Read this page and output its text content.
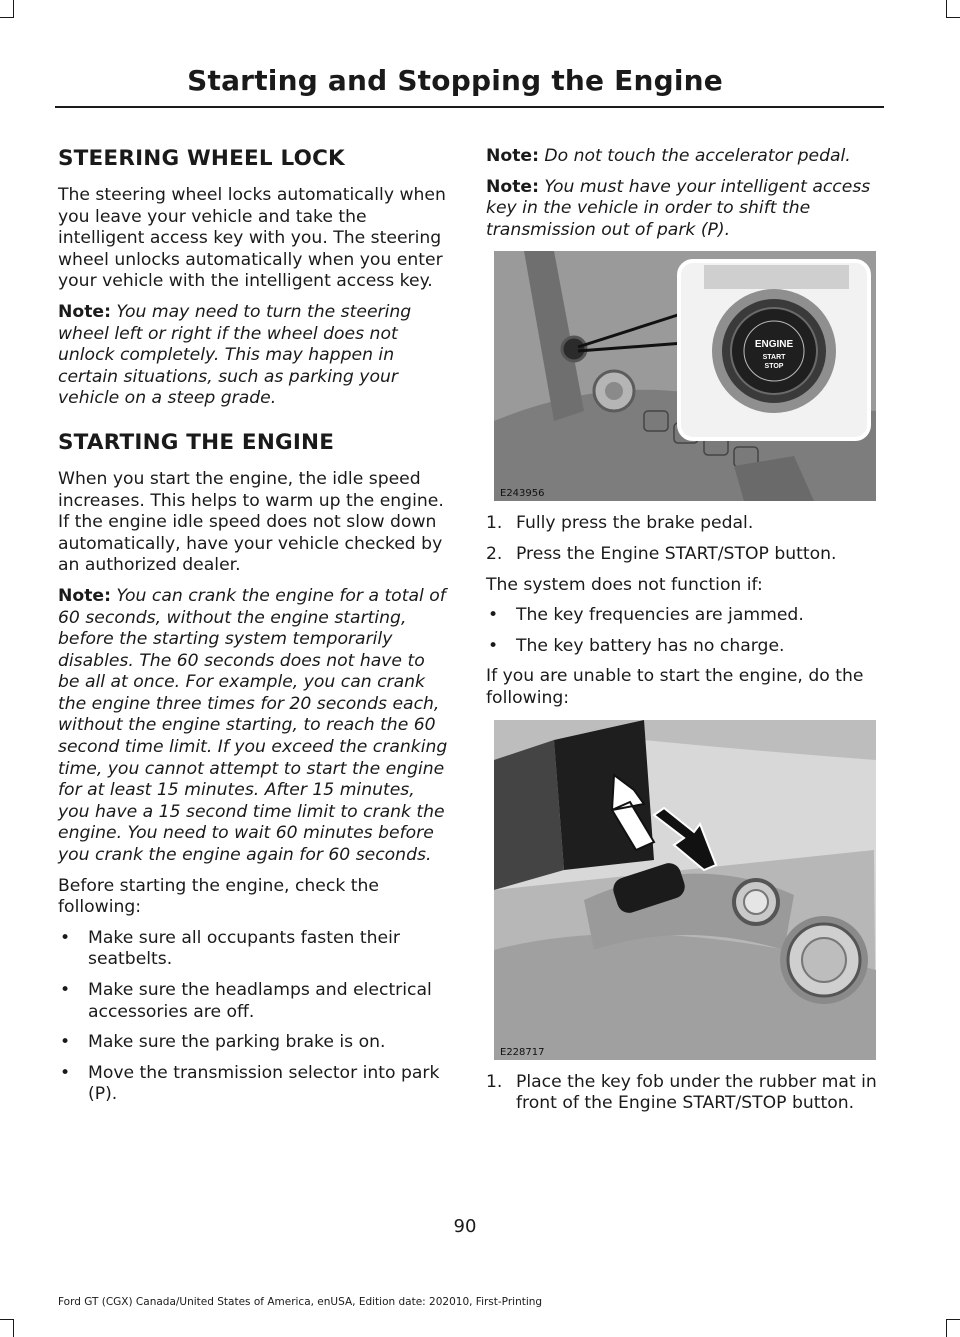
Starting and Stopping the Engine
STEERING WHEEL LOCK

The steering wheel locks automatically when you leave your vehicle and take the intelligent access key with you. The steering wheel unlocks automatically when you enter your vehicle with the intelligent access key.

Note: You may need to turn the steering wheel left or right if the wheel does not unlock completely. This may happen in certain situations, such as parking your vehicle on a steep grade.

STARTING THE ENGINE

When you start the engine, the idle speed increases. This helps to warm up the engine. If the engine idle speed does not slow down automatically, have your vehicle checked by an authorized dealer.

Note: You can crank the engine for a total of 60 seconds, without the engine starting, before the starting system temporarily disables. The 60 seconds does not have to be all at once. For example, you can crank the engine three times for 20 seconds each, without the engine starting, to reach the 60 second time limit. If you exceed the cranking time, you cannot attempt to start the engine for at least 15 minutes. After 15 minutes, you have a 15 second time limit to crank the engine. You need to wait 60 minutes before you crank the engine again for 60 seconds.

Before starting the engine, check the following:

• Make sure all occupants fasten their seatbelts.
• Make sure the headlamps and electrical accessories are off.
• Make sure the parking brake is on.
• Move the transmission selector into park (P).

Note: Do not touch the accelerator pedal.

Note: You must have your intelligent access key in the vehicle in order to shift the transmission out of park (P).

ENGINE
START
STOP
E243956
1. Fully press the brake pedal.
2. Press the Engine START/STOP button.

The system does not function if:

• The key frequencies are jammed.
• The key battery has no charge.

If you are unable to start the engine, do the following:

E228717
1. Place the key fob under the rubber mat in front of the Engine START/STOP button.
90
Ford GT (CGX) Canada/United States of America, enUSA, Edition date: 202010, First-Printing
